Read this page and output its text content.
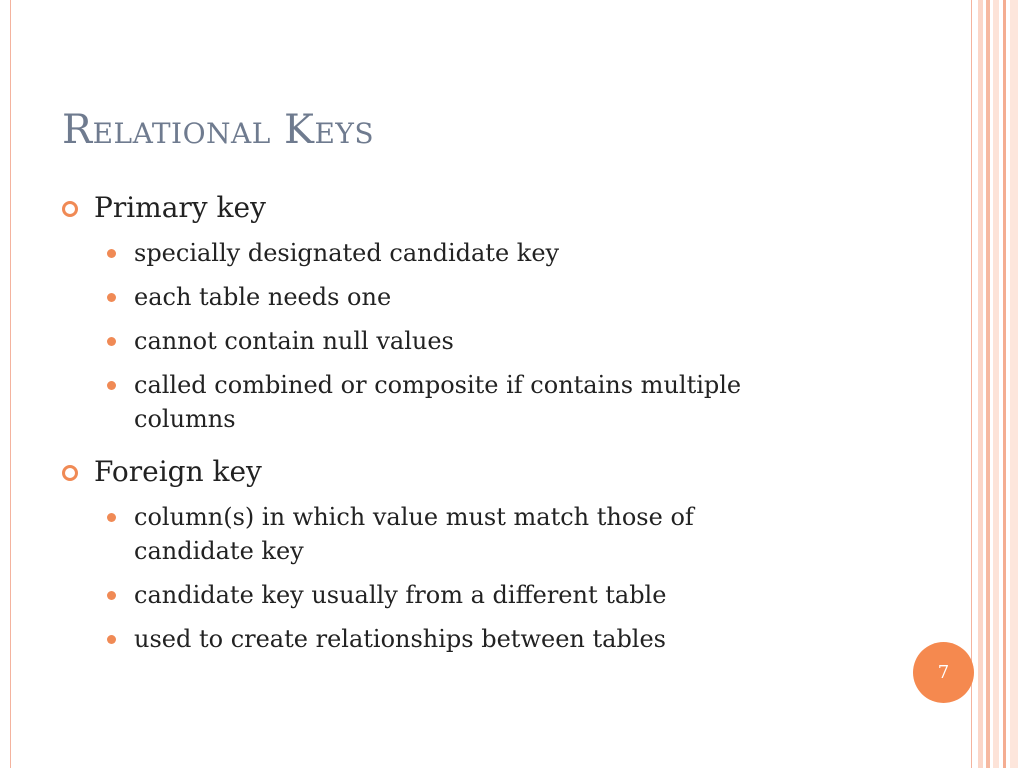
Relational Keys
Primary key
specially designated candidate key
each table needs one
cannot contain null values
called combined or composite if contains multiple columns
Foreign key
column(s) in which value must match those of candidate key
candidate key usually from a different table
used to create relationships between tables
7
